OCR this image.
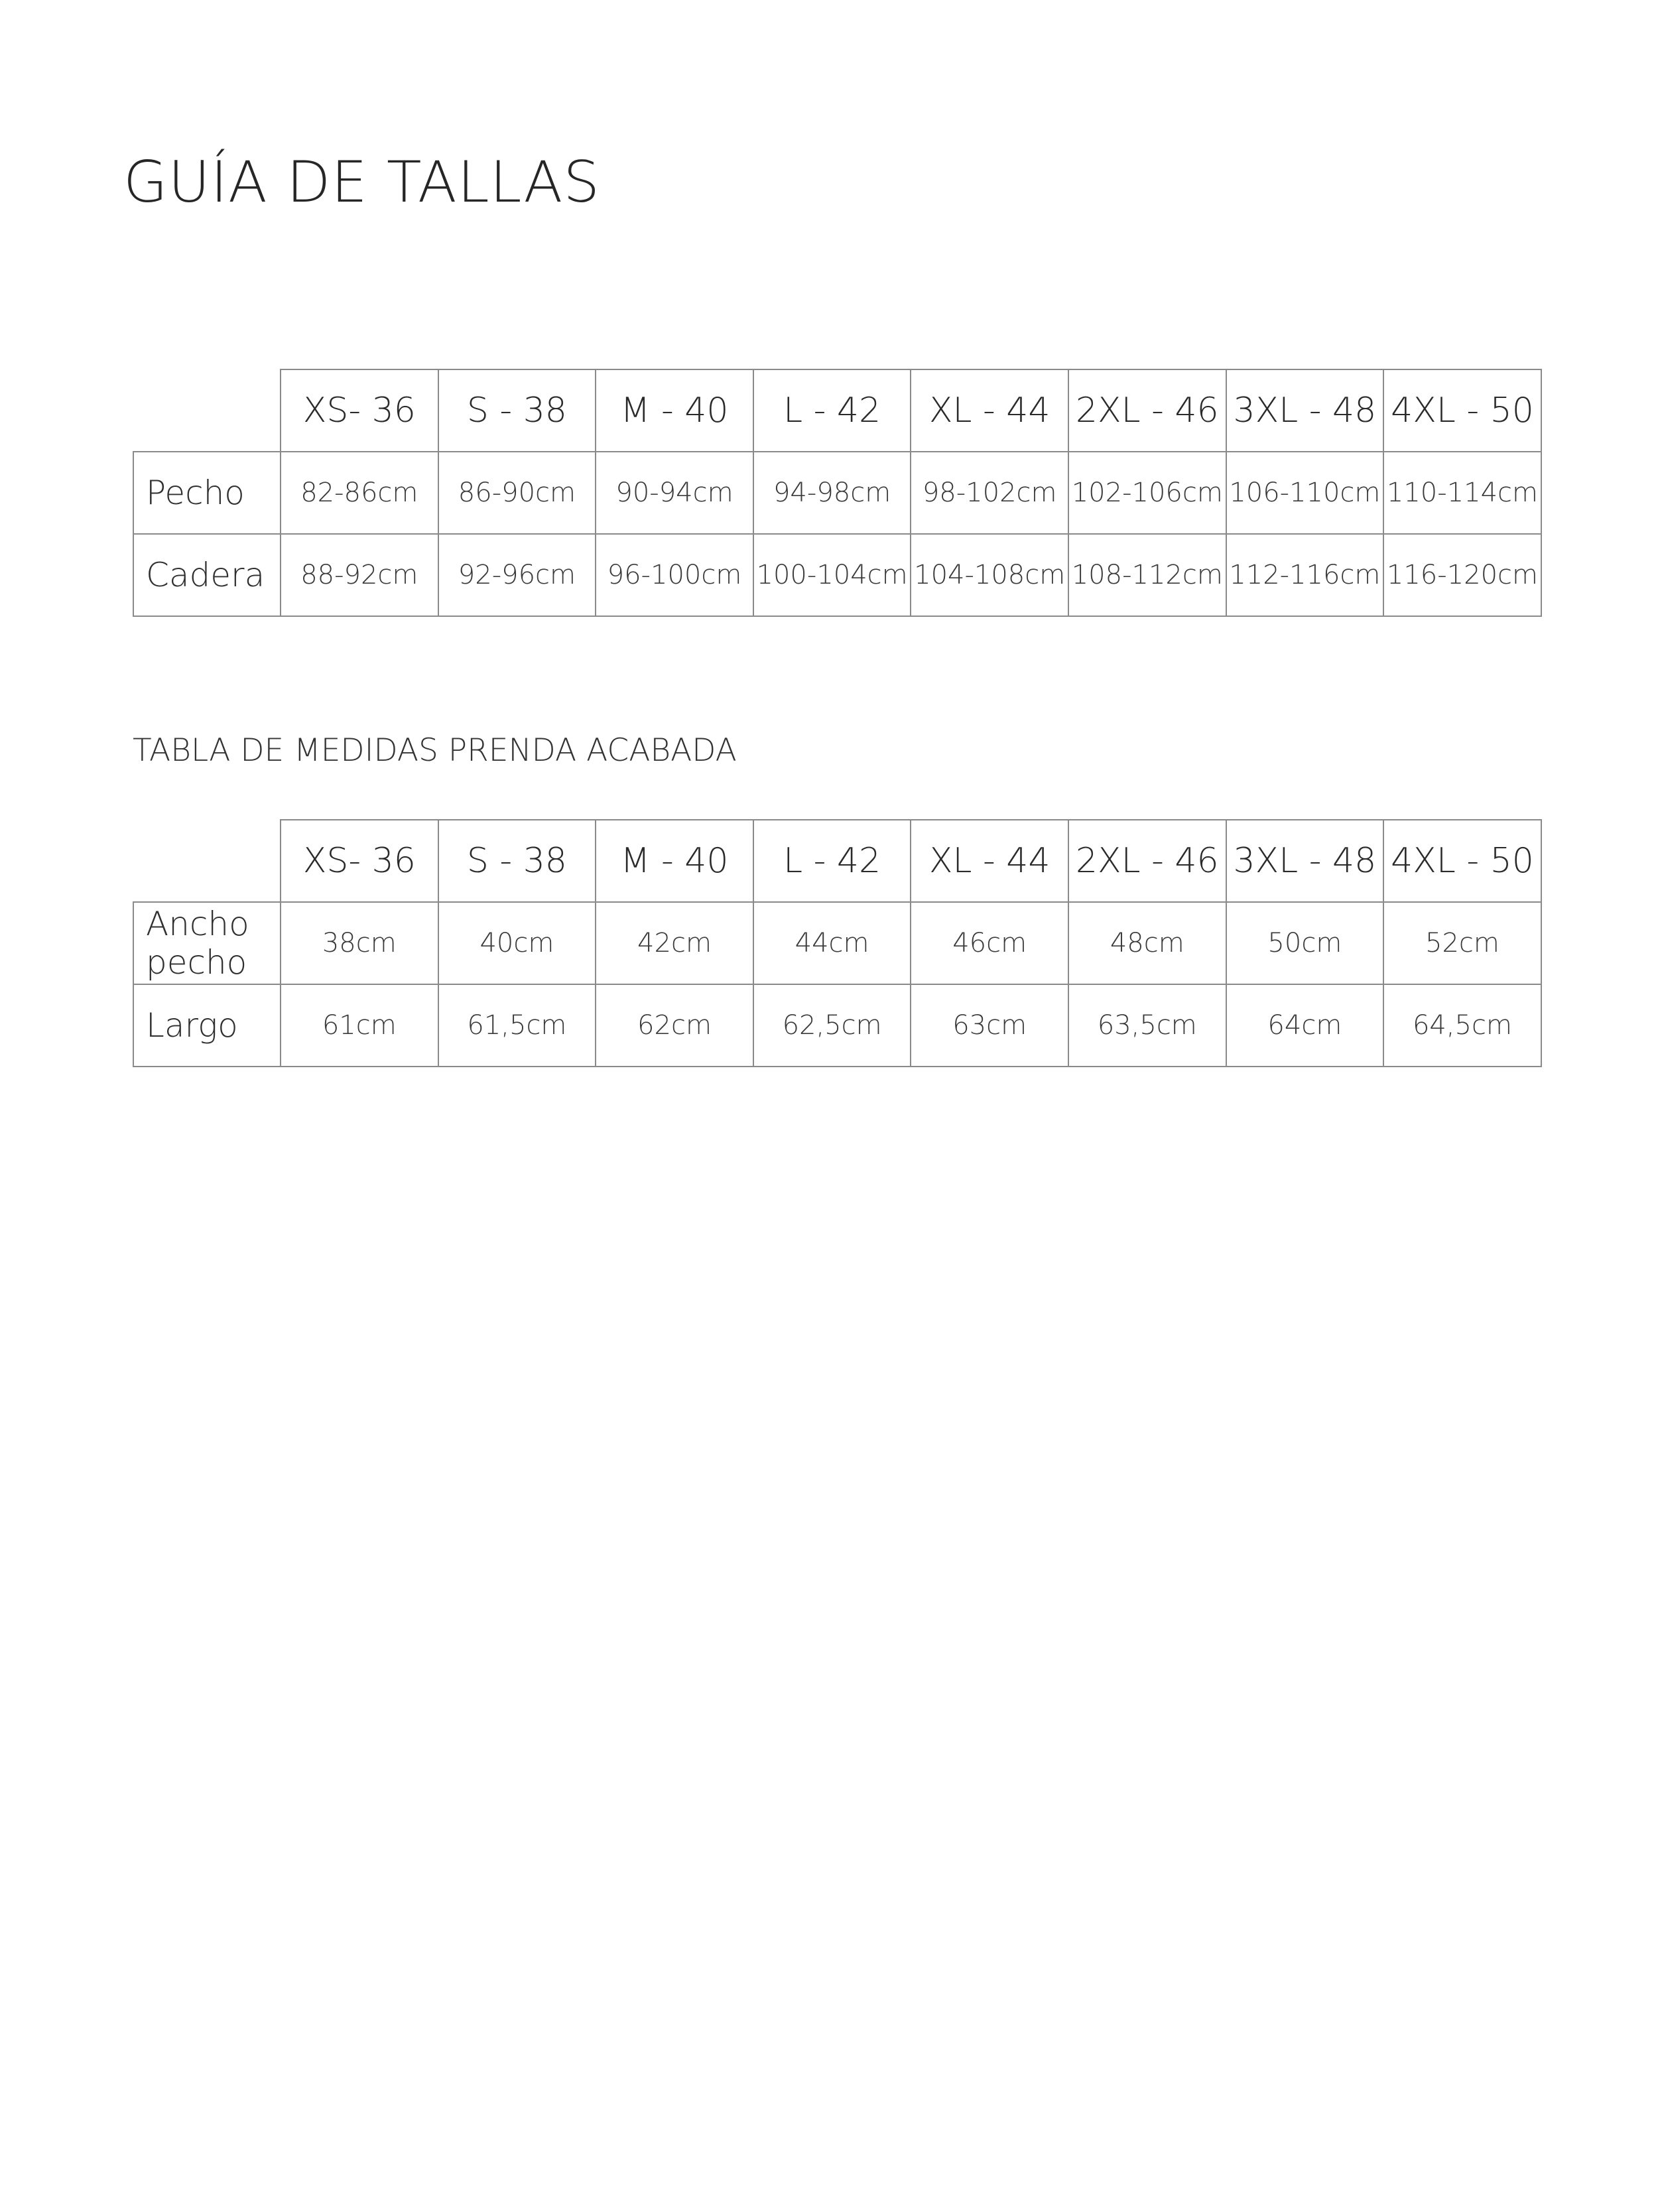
GUÍA DE TALLAS
	XS- 36	S - 38	M - 40	L - 42	XL - 44	2XL - 46	3XL - 48	4XL - 50
Pecho	82-86cm	86-90cm	90-94cm	94-98cm	98-102cm	102-106cm	106-110cm	110-114cm
Cadera	88-92cm	92-96cm	96-100cm	100-104cm	104-108cm	108-112cm	112-116cm	116-120cm
TABLA DE MEDIDAS PRENDA ACABADA
	XS- 36	S - 38	M - 40	L - 42	XL - 44	2XL - 46	3XL - 48	4XL - 50
Ancho pecho	38cm	40cm	42cm	44cm	46cm	48cm	50cm	52cm
Largo	61cm	61,5cm	62cm	62,5cm	63cm	63,5cm	64cm	64,5cm
